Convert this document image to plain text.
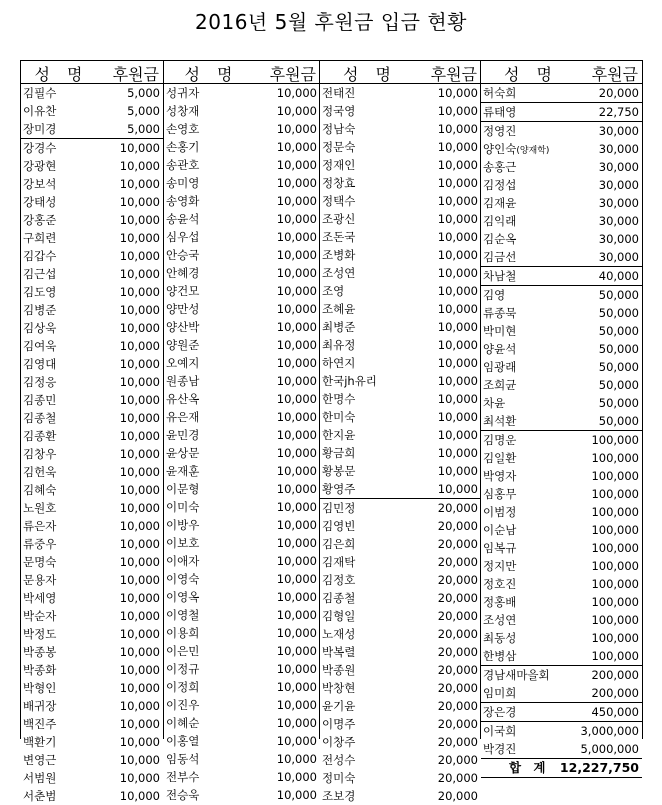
2016년 5월 후원금 입금 현황
성 명	후원금
김필수	5,000
이유찬	5,000
장미경	5,000
강경수	10,000
강광현	10,000
강보석	10,000
강태성	10,000
강홍준	10,000
구희련	10,000
김갑수	10,000
김근섭	10,000
김도영	10,000
김병준	10,000
김상욱	10,000
김여욱	10,000
김영대	10,000
김정응	10,000
김종민	10,000
김종철	10,000
김종환	10,000
김창우	10,000
김헌욱	10,000
김혜숙	10,000
노원호	10,000
류은자	10,000
류중우	10,000
문명숙	10,000
문용자	10,000
박세영	10,000
박순자	10,000
박정도	10,000
박종봉	10,000
박종화	10,000
박형인	10,000
배귀장	10,000
백진주	10,000
백환기	10,000
변영근	10,000
서범원	10,000
서춘범	10,000
성 명	후원금
성귀자	10,000
성창재	10,000
손영호	10,000
손홍기	10,000
송관호	10,000
송미영	10,000
송영화	10,000
송윤석	10,000
심우섭	10,000
안승국	10,000
안혜경	10,000
양건모	10,000
양만성	10,000
양산박	10,000
양원준	10,000
오예지	10,000
원종남	10,000
유산옥	10,000
유은재	10,000
윤민경	10,000
윤상문	10,000
윤재훈	10,000
이문형	10,000
이미숙	10,000
이방우	10,000
이보호	10,000
이애자	10,000
이영숙	10,000
이영옥	10,000
이영철	10,000
이용희	10,000
이은민	10,000
이정규	10,000
이정희	10,000
이진우	10,000
이혜순	10,000
이홍열	10,000
임동석	10,000
전부수	10,000
전승욱	10,000
성 명	후원금
전태진	10,000
정국영	10,000
정남숙	10,000
정문숙	10,000
정재인	10,000
정창효	10,000
정택수	10,000
조광신	10,000
조돈국	10,000
조병화	10,000
조성연	10,000
조영	10,000
조혜윤	10,000
최병준	10,000
최유정	10,000
하연지	10,000
한국jh유리	10,000
한명수	10,000
한미숙	10,000
한지윤	10,000
황금희	10,000
황봉문	10,000
황영주	10,000
김민정	20,000
김영빈	20,000
김은희	20,000
김재탁	20,000
김정호	20,000
김종철	20,000
김형일	20,000
노재성	20,000
박복렬	20,000
박종원	20,000
박창현	20,000
윤기윤	20,000
이명주	20,000
이창주	20,000
전성수	20,000
정미숙	20,000
조보경	20,000
성 명	후원금
허숙희	20,000
류태영	22,750
정영진	30,000
양인숙(양재학)	30,000
송홍근	30,000
김정섭	30,000
김재윤	30,000
김익래	30,000
김순옥	30,000
김금선	30,000
차남철	40,000
김영	50,000
류종묵	50,000
박미현	50,000
양윤석	50,000
임광래	50,000
조희균	50,000
차윤	50,000
최석환	50,000
김명운	100,000
김일환	100,000
박영자	100,000
심홍무	100,000
이범정	100,000
이순남	100,000
임복규	100,000
정지만	100,000
정호진	100,000
정홍배	100,000
조성연	100,000
최동성	100,000
한병삼	100,000
경남새마을회	200,000
임미희	200,000
장은경	450,000
이국희	3,000,000
박경진	5,000,000
합 계 12,227,750
